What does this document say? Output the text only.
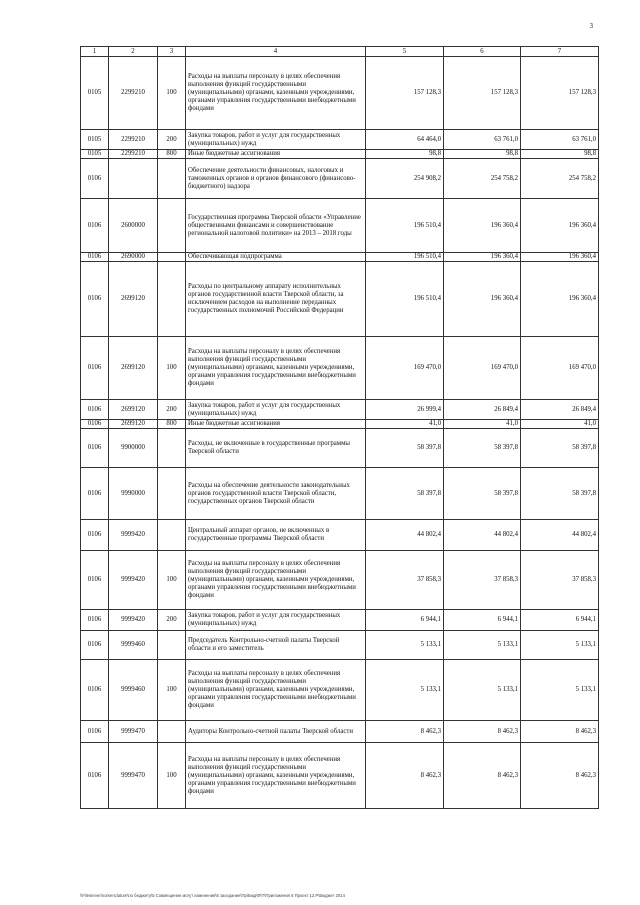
3
1	2	3	4	5	6	7
0105	2299210	100	Расходы на выплаты персоналу в целях обеспечения выполнения функций государственными (муниципальными) органами, казенными учреждениями, органами управления государственными внебюджетными фондами	157 128,3	157 128,3	157 128,3
0105	2299210	200	Закупка товаров, работ и услуг для государственных (муниципальных) нужд	64 464,0	63 761,0	63 761,0
0105	2299210	800	Иные бюджетные ассигнования	98,8	98,8	98,8
0106			Обеспечение деятельности финансовых, налоговых и таможенных органов и органов финансового (финансово-бюджетного) надзора	254 908,2	254 758,2	254 758,2
0106	2600000		Государственная программа Тверской области «Управление общественными финансами и совершенствование региональной налоговой политики» на 2013 – 2018 годы	196 510,4	196 360,4	196 360,4
0106	2690000		Обеспечивающая подпрограмма	196 510,4	196 360,4	196 360,4
0106	2699120		Расходы по центральному аппарату исполнительных органов государственной власти Тверской области, за исключением расходов на выполнение переданных государственных полномочий Российской Федерации	196 510,4	196 360,4	196 360,4
0106	2699120	100	Расходы на выплаты персоналу в целях обеспечения выполнения функций государственными (муниципальными) органами, казенными учреждениями, органами управления государственными внебюджетными фондами	169 470,0	169 470,0	169 470,0
0106	2699120	200	Закупка товаров, работ и услуг для государственных (муниципальных) нужд	26 999,4	26 849,4	26 849,4
0106	2699120	800	Иные бюджетные ассигнования	41,0	41,0	41,0
0106	9900000		Расходы, не включенные в государственные программы Тверской области	58 397,8	58 397,8	58 397,8
0106	9990000		Расходы на обеспечение деятельности законодательных органов государственной власти Тверской области, государственных органов Тверской области	58 397,8	58 397,8	58 397,8
0106	9999420		Центральный аппарат органов, не включенных в государственные программы Тверской области	44 802,4	44 802,4	44 802,4
0106	9999420	100	Расходы на выплаты персоналу в целях обеспечения выполнения функций государственными (муниципальными) органами, казенными учреждениями, органами управления государственными внебюджетными фондами	37 858,3	37 858,3	37 858,3
0106	9999420	200	Закупка товаров, работ и услуг для государственных (муниципальных) нужд	6 944,1	6 944,1	6 944,1
0106	9999460		Председатель Контрольно-счетной палаты Тверской области и его заместитель	5 133,1	5 133,1	5 133,1
0106	9999460	100	Расходы на выплаты персоналу в целях обеспечения выполнения функций государственными (муниципальными) органами, казенными учреждениями, органами управления государственными внебюджетными фондами	5 133,1	5 133,1	5 133,1
0106	9999470		Аудиторы Контрольно-счетной палаты Тверской области	8 462,3	8 462,3	8 462,3
0106	9999470	100	Расходы на выплаты персоналу в целях обеспечения выполнения функций государственными (муниципальными) органами, казенными учреждениями, органами управления государственными внебюджетными фондами	8 462,3	8 462,3	8 462,3
\\Fileserver\nomenclature\по бюджету\5 Совмещение могут изменения\6 заседание\Пр\Бюд\Ф\Т\Приложения 6 Проект 12.P\Бюджет 2014
